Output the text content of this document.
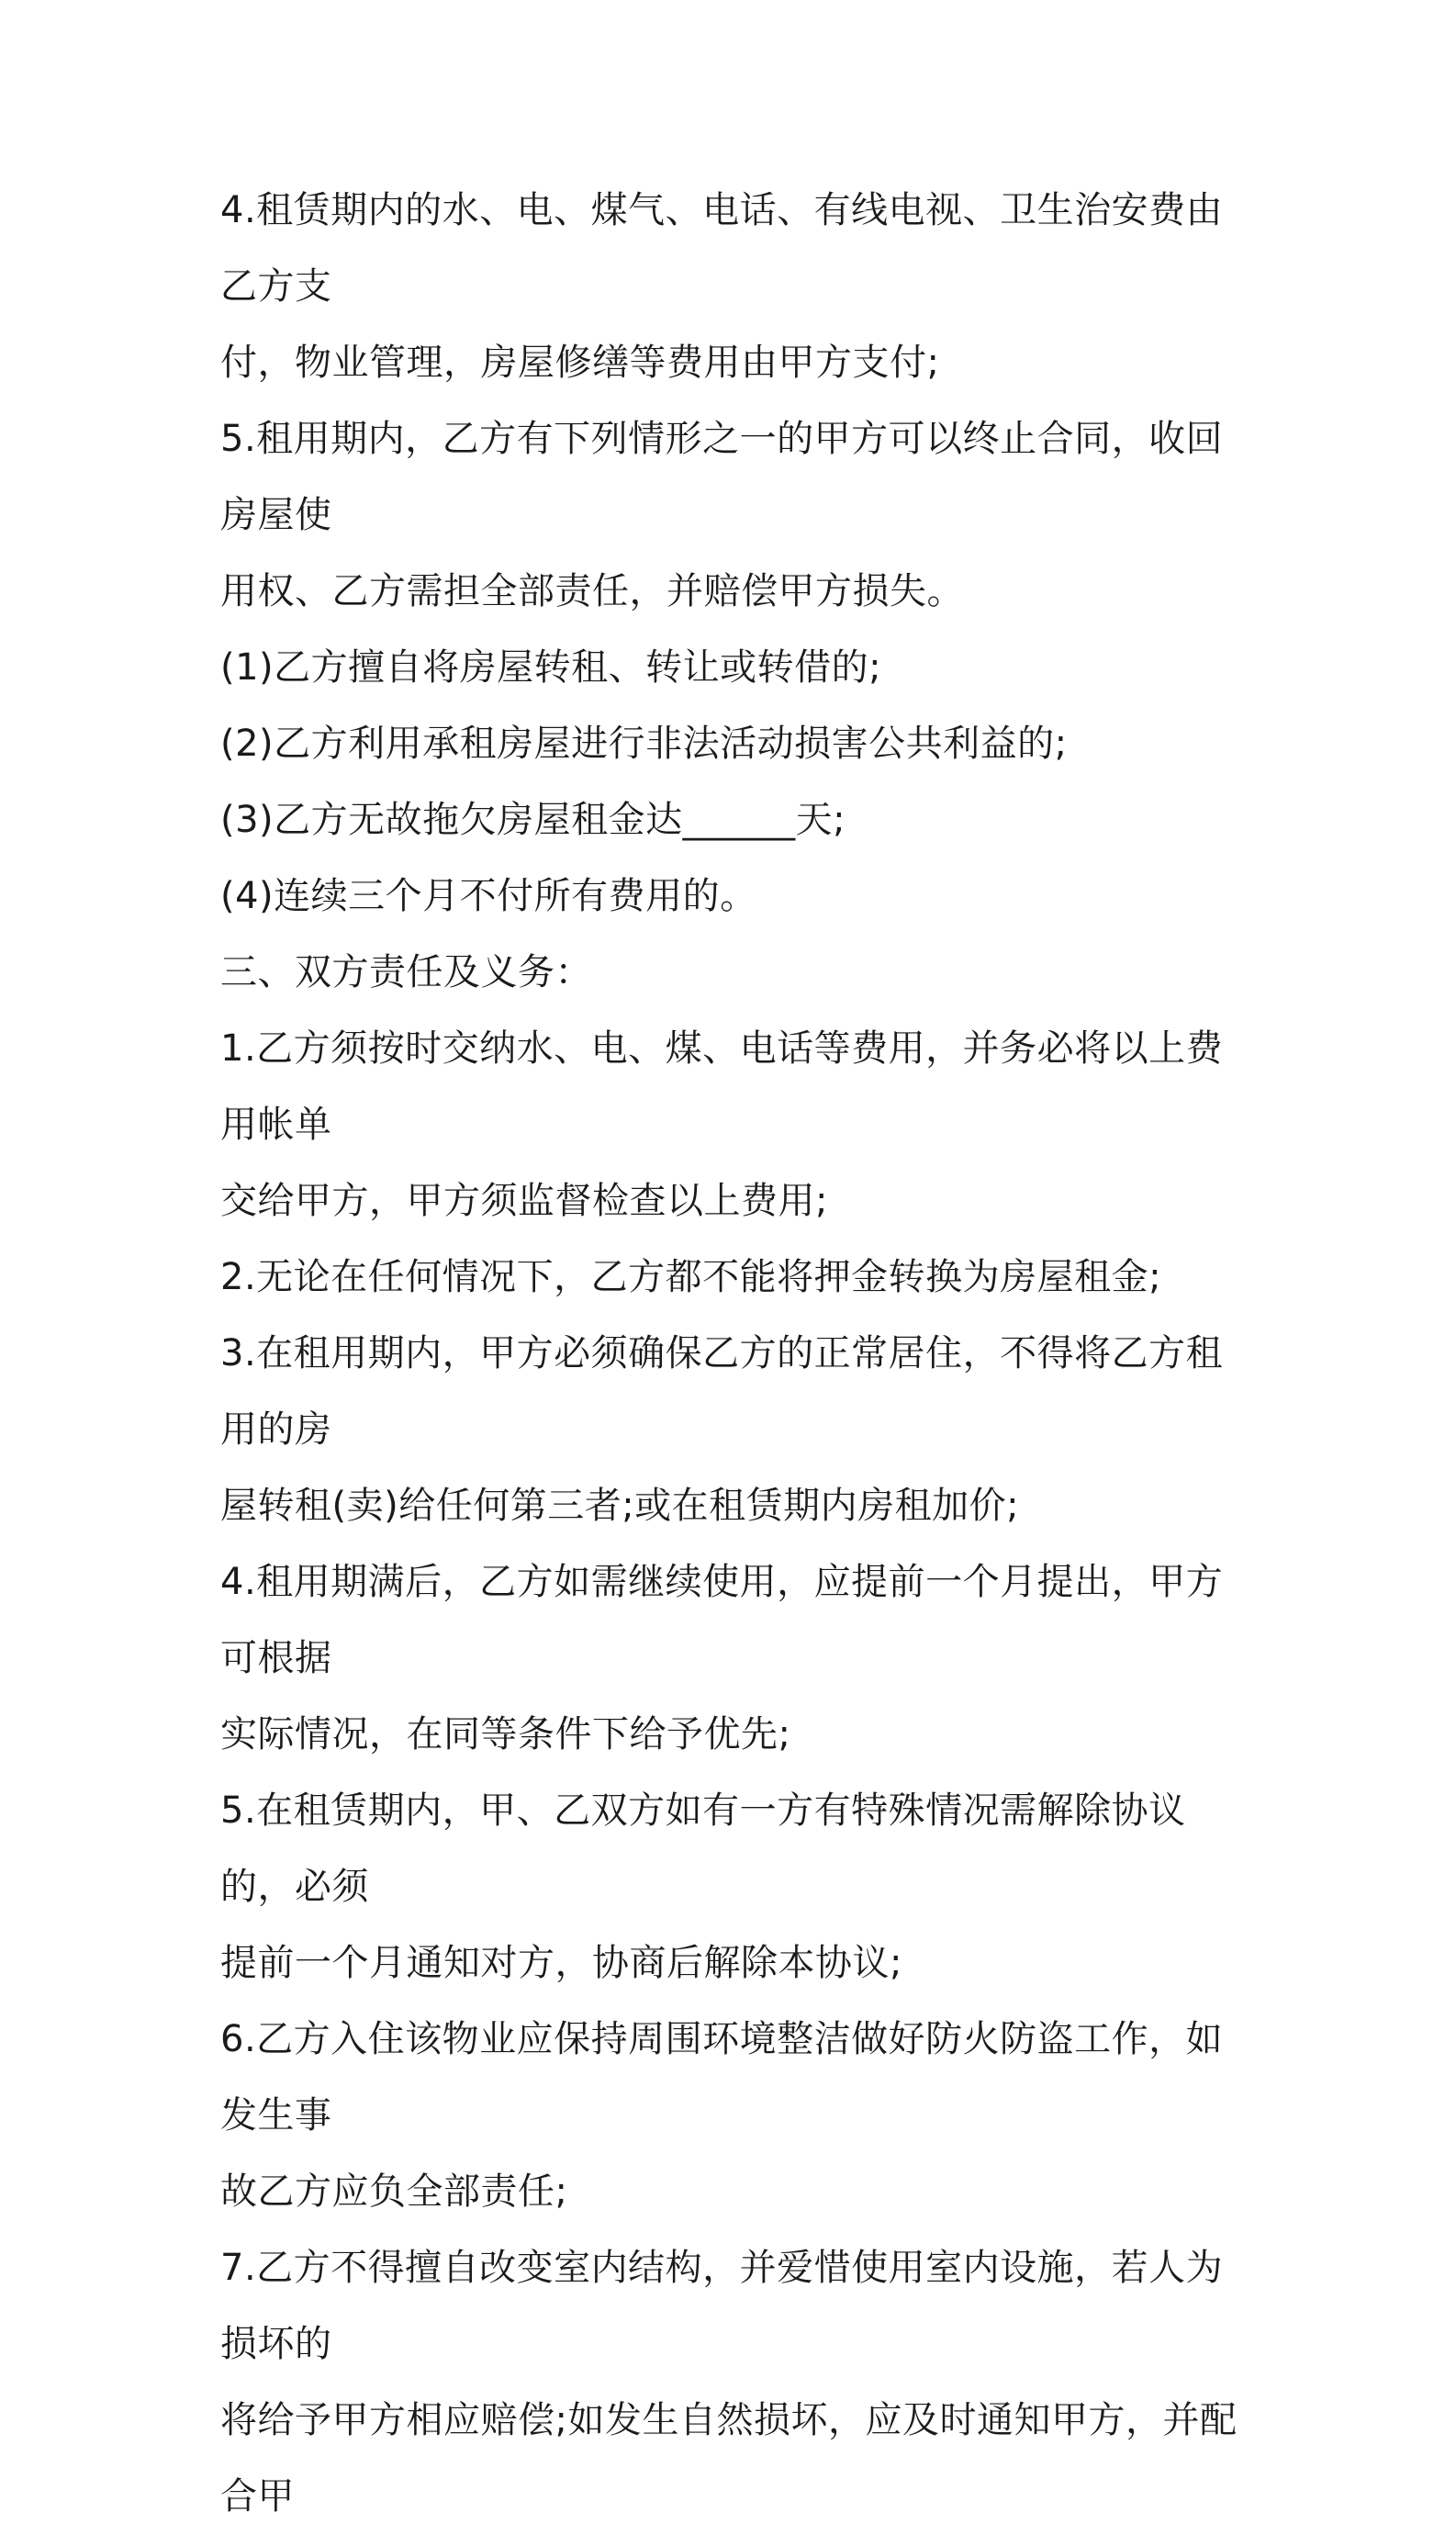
4.租赁期内的水、电、煤气、电话、有线电视、卫生治安费由乙方支

付，物业管理，房屋修缮等费用由甲方支付;

5.租用期内，乙方有下列情形之一的甲方可以终止合同，收回房屋使

用权、乙方需担全部责任，并赔偿甲方损失。

(1)乙方擅自将房屋转租、转让或转借的;

(2)乙方利用承租房屋进行非法活动损害公共利益的;

(3)乙方无故拖欠房屋租金达______天;

(4)连续三个月不付所有费用的。

三、双方责任及义务：

1.乙方须按时交纳水、电、煤、电话等费用，并务必将以上费用帐单

交给甲方，甲方须监督检查以上费用;

2.无论在任何情况下，乙方都不能将押金转换为房屋租金;

3.在租用期内，甲方必须确保乙方的正常居住，不得将乙方租用的房

屋转租(卖)给任何第三者;或在租赁期内房租加价;

4.租用期满后，乙方如需继续使用，应提前一个月提出，甲方可根据

实际情况，在同等条件下给予优先;

5.在租赁期内，甲、乙双方如有一方有特殊情况需解除协议的，必须

提前一个月通知对方，协商后解除本协议;

6.乙方入住该物业应保持周围环境整洁做好防火防盗工作，如发生事

故乙方应负全部责任;

7.乙方不得擅自改变室内结构，并爱惜使用室内设施，若人为损坏的

将给予甲方相应赔偿;如发生自然损坏，应及时通知甲方，并配合甲
